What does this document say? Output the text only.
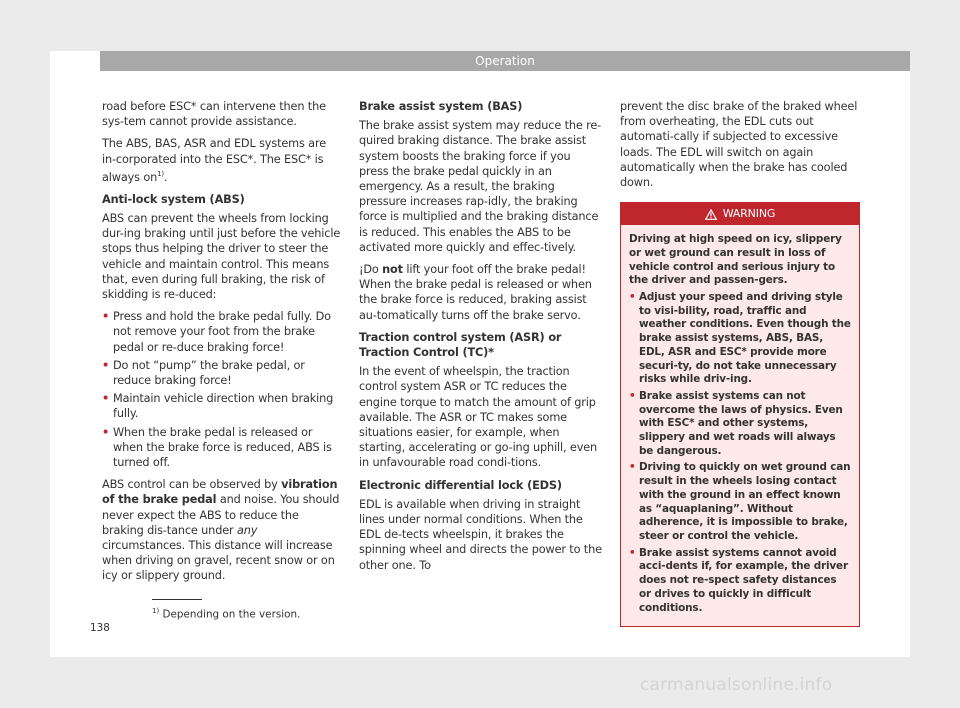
Operation

road before ESC* can intervene then the sys-tem cannot provide assistance.

The ABS, BAS, ASR and EDL systems are in-corporated into the ESC*. The ESC* is always $on^{1)}$.

Anti-lock system (ABS)

ABS can prevent the wheels from locking dur-ing braking until just before the vehicle stops thus helping the driver to steer the vehicle and maintain control. This means that, even during full braking, the risk of skidding is re-duced:

• Press and hold the brake pedal fully. Do not remove your foot from the brake pedal or re-duce braking force!
• Do not “pump” the brake pedal, or reduce braking force!
• Maintain vehicle direction when braking fully.
• When the brake pedal is released or when the brake force is reduced, ABS is turned off.

ABS control can be observed by vibration of the brake pedal and noise. You should never expect the ABS to reduce the braking dis-tance under any circumstances. This distance will increase when driving on gravel, recent snow or on icy or slippery ground.

Brake assist system (BAS)

The brake assist system may reduce the re-quired braking distance. The brake assist system boosts the braking force if you press the brake pedal quickly in an emergency. As a result, the braking pressure increases rap-idly, the braking force is multiplied and the braking distance is reduced. This enables the ABS to be activated more quickly and effec-tively.

¡Do not lift your foot off the brake pedal! When the brake pedal is released or when the brake force is reduced, braking assist au-tomatically turns off the brake servo.

Traction control system (ASR) or Traction Control (TC)*

In the event of wheelspin, the traction control system ASR or TC reduces the engine torque to match the amount of grip available. The ASR or TC makes some situations easier, for example, when starting, accelerating or go-ing uphill, even in unfavourable road condi-tions.

Electronic differential lock (EDS)

EDL is available when driving in straight lines under normal conditions. When the EDL de-tects wheelspin, it brakes the spinning wheel and directs the power to the other one. To

prevent the disc brake of the braked wheel from overheating, the EDL cuts out automati-cally if subjected to excessive loads. The EDL will switch on again automatically when the brake has cooled down.

WARNING

Driving at high speed on icy, slippery or wet ground can result in loss of vehicle control and serious injury to the driver and passen-gers.

• Adjust your speed and driving style to visi-bility, road, traffic and weather conditions. Even though the brake assist systems, ABS, BAS, EDL, ASR and ESC* provide more securi-ty, do not take unnecessary risks while driv-ing.
• Brake assist systems can not overcome the laws of physics. Even with ESC* and other systems, slippery and wet roads will always be dangerous.
• Driving to quickly on wet ground can result in the wheels losing contact with the ground in an effect known as “aquaplaning”. Without adherence, it is impossible to brake, steer or control the vehicle.
• Brake assist systems cannot avoid acci-dents if, for example, the driver does not re-spect safety distances or drives to quickly in difficult conditions.
$^{1)}$ Depending on the version.
138
carmanualsonline.info
